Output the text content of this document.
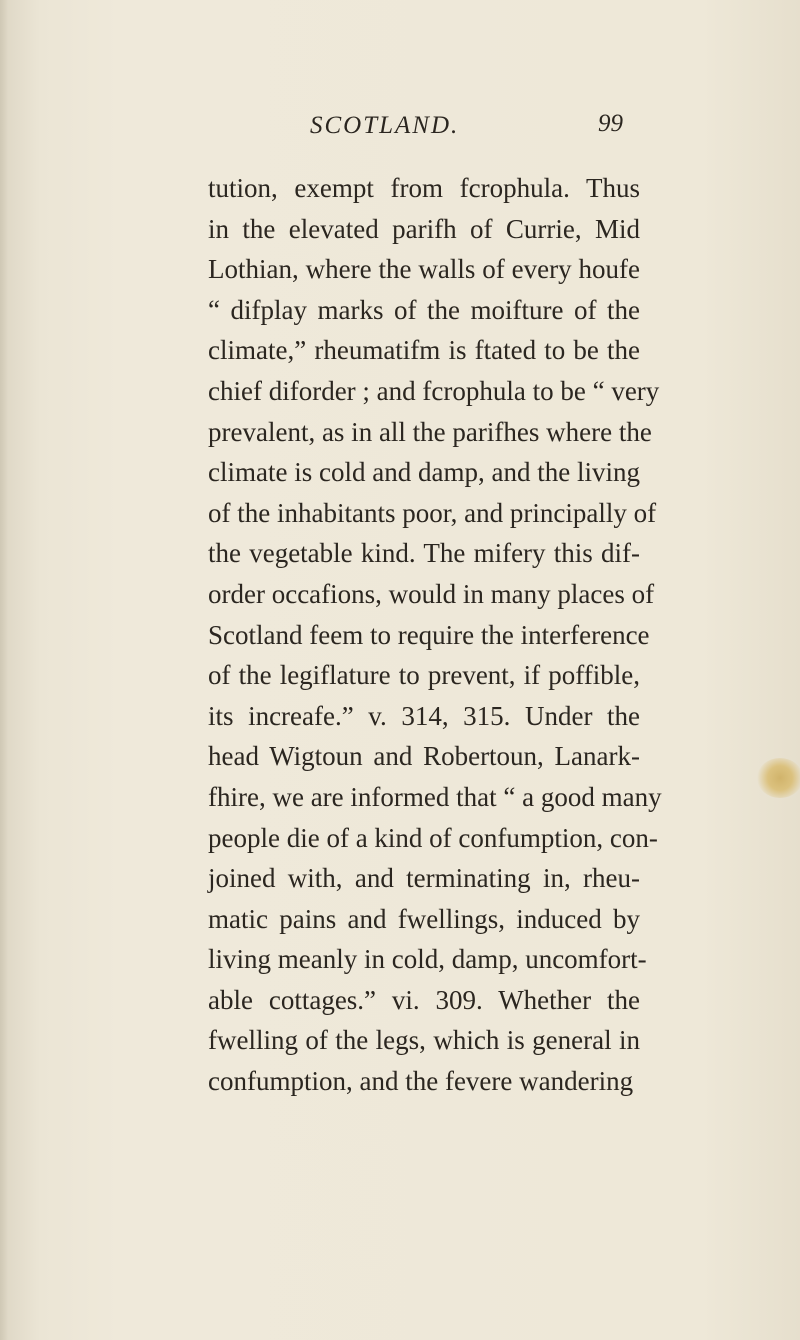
SCOTLAND.	99
tution, exempt from fcrophula. Thus
in the elevated parifh of Currie, Mid
Lothian, where the walls of every houfe
“ difplay marks of the moifture of the
climate,” rheumatifm is ftated to be the
chief diforder ; and fcrophula to be “ very
prevalent, as in all the parifhes where the
climate is cold and damp, and the living
of the inhabitants poor, and principally of
the vegetable kind. The mifery this dif-
order occafions, would in many places of
Scotland feem to require the interference
of the legiflature to prevent, if poffible,
its increafe.” v. 314, 315. Under the
head Wigtoun and Robertoun, Lanark-
fhire, we are informed that “ a good many
people die of a kind of confumption, con-
joined with, and terminating in, rheu-
matic pains and fwellings, induced by
living meanly in cold, damp, uncomfort-
able cottages.” vi. 309. Whether the
fwelling of the legs, which is general in
confumption, and the fevere wandering
